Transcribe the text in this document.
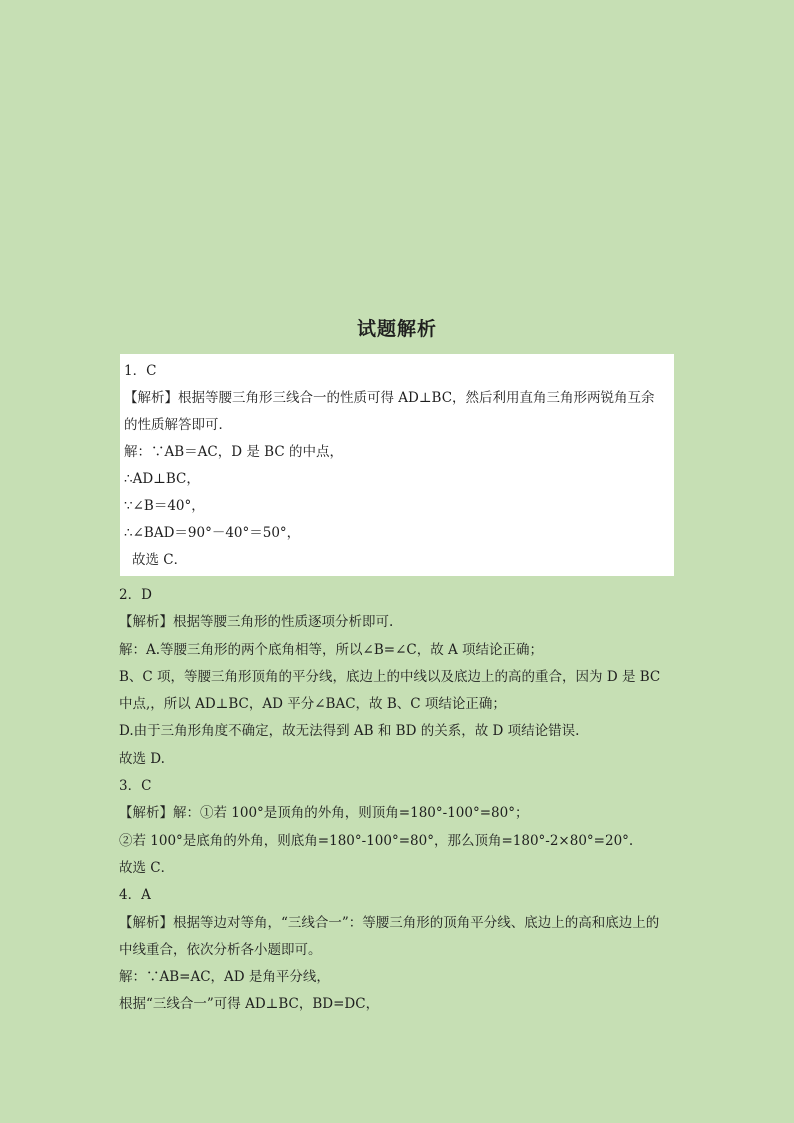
试题解析
1．C
【解析】根据等腰三角形三线合一的性质可得 AD⊥BC，然后利用直角三角形两锐角互余
的性质解答即可．
解：∵AB＝AC，D 是 BC 的中点，
∴AD⊥BC，
∵∠B＝40°，
∴∠BAD＝90°－40°＝50°，
故选 C．
2．D
【解析】根据等腰三角形的性质逐项分析即可.
解：A.等腰三角形的两个底角相等，所以∠B=∠C，故 A 项结论正确；
B、C 项，等腰三角形顶角的平分线，底边上的中线以及底边上的高的重合，因为 D 是 BC
中点,，所以 AD⊥BC，AD 平分∠BAC，故 B、C 项结论正确；
D.由于三角形角度不确定，故无法得到 AB 和 BD 的关系，故 D 项结论错误.
故选 D.
3．C
【解析】解：①若 100°是顶角的外角，则顶角=180°-100°=80°；
②若 100°是底角的外角，则底角=180°-100°=80°，那么顶角=180°-2×80°=20°.
故选 C．
4．A
【解析】根据等边对等角，“三线合一”：等腰三角形的顶角平分线、底边上的高和底边上的
中线重合，依次分析各小题即可。
解：∵AB=AC，AD 是角平分线，
根据“三线合一”可得 AD⊥BC，BD=DC，
